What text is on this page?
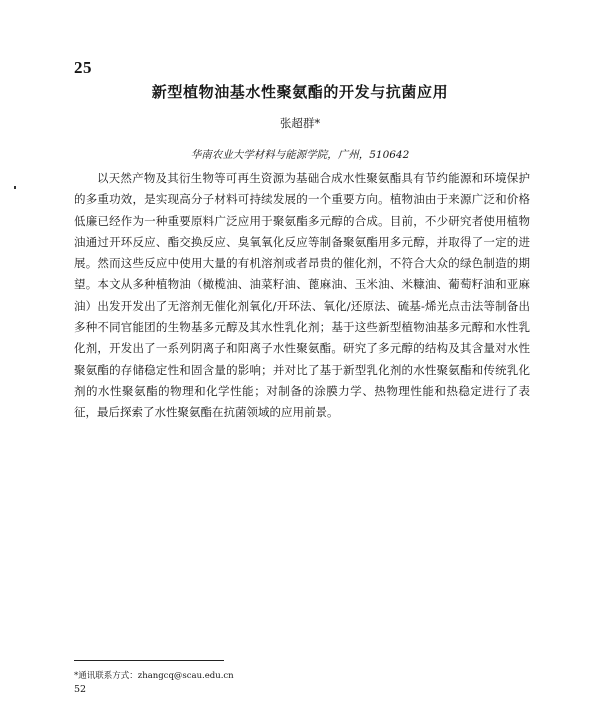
25
新型植物油基水性聚氨酯的开发与抗菌应用
张超群*
华南农业大学材料与能源学院，广州，510642

以天然产物及其衍生物等可再生资源为基础合成水性聚氨酯具有节约能源和环境保护的多重功效，是实现高分子材料可持续发展的一个重要方向。植物油由于来源广泛和价格低廉已经作为一种重要原料广泛应用于聚氨酯多元醇的合成。目前，不少研究者使用植物油通过开环反应、酯交换反应、臭氧氧化反应等制备聚氨酯用多元醇，并取得了一定的进展。然而这些反应中使用大量的有机溶剂或者昂贵的催化剂，不符合大众的绿色制造的期望。本文从多种植物油（橄榄油、油菜籽油、蓖麻油、玉米油、米糠油、葡萄籽油和亚麻油）出发开发出了无溶剂无催化剂氧化/开环法、氧化/还原法、硫基-烯光点击法等制备出多种不同官能团的生物基多元醇及其水性乳化剂；基于这些新型植物油基多元醇和水性乳化剂，开发出了一系列阴离子和阳离子水性聚氨酯。研究了多元醇的结构及其含量对水性聚氨酯的存储稳定性和固含量的影响；并对比了基于新型乳化剂的水性聚氨酯和传统乳化剂的水性聚氨酯的物理和化学性能；对制备的涂膜力学、热物理性能和热稳定进行了表征，最后探索了水性聚氨酯在抗菌领域的应用前景。

*通讯联系方式：zhangcq@scau.edu.cn
52
